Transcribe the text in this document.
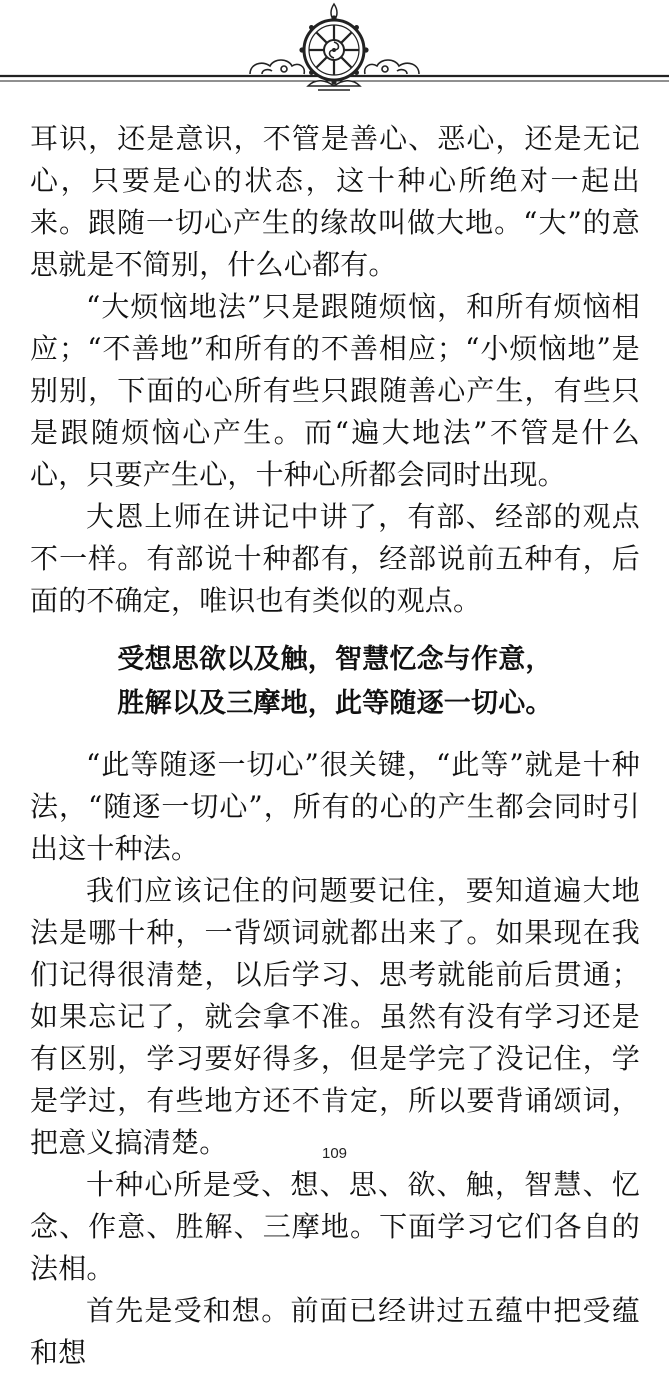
耳识，还是意识，不管是善心、恶心，还是无记心，只要是心的状态，这十种心所绝对一起出来。跟随一切心产生的缘故叫做大地。“大”的意思就是不简别，什么心都有。

“大烦恼地法”只是跟随烦恼，和所有烦恼相应；“不善地”和所有的不善相应；“小烦恼地”是别别，下面的心所有些只跟随善心产生，有些只是跟随烦恼心产生。而“遍大地法”不管是什么心，只要产生心，十种心所都会同时出现。

大恩上师在讲记中讲了，有部、经部的观点不一样。有部说十种都有，经部说前五种有，后面的不确定，唯识也有类似的观点。

受想思欲以及触，智慧忆念与作意，

胜解以及三摩地，此等随逐一切心。

“此等随逐一切心”很关键，“此等”就是十种法，“随逐一切心”，所有的心的产生都会同时引出这十种法。

我们应该记住的问题要记住，要知道遍大地法是哪十种，一背颂词就都出来了。如果现在我们记得很清楚，以后学习、思考就能前后贯通；如果忘记了，就会拿不准。虽然有没有学习还是有区别，学习要好得多，但是学完了没记住，学是学过，有些地方还不肯定，所以要背诵颂词，把意义搞清楚。

十种心所是受、想、思、欲、触，智慧、忆念、作意、胜解、三摩地。下面学习它们各自的法相。

首先是受和想。前面已经讲过五蕴中把受蕴和想

109
